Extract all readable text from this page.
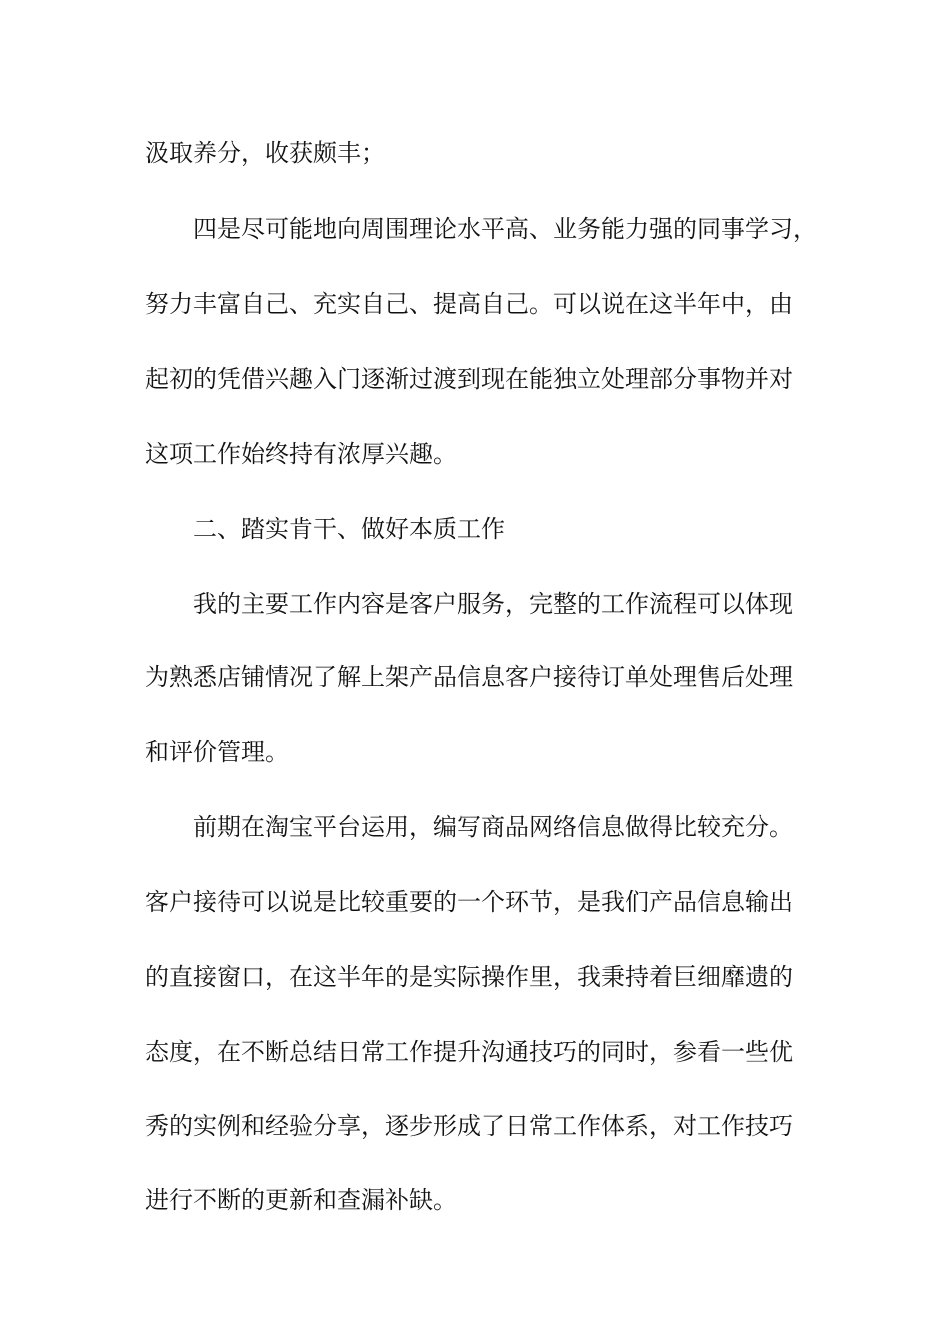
汲取养分，收获颇丰；

四是尽可能地向周围理论水平高、业务能力强的同事学习，

努力丰富自己、充实自己、提高自己。可以说在这半年中，由

起初的凭借兴趣入门逐渐过渡到现在能独立处理部分事物并对

这项工作始终持有浓厚兴趣。

二、踏实肯干、做好本质工作

我的主要工作内容是客户服务，完整的工作流程可以体现

为熟悉店铺情况了解上架产品信息客户接待订单处理售后处理

和评价管理。

前期在淘宝平台运用，编写商品网络信息做得比较充分。

客户接待可以说是比较重要的一个环节，是我们产品信息输出

的直接窗口，在这半年的是实际操作里，我秉持着巨细靡遗的

态度，在不断总结日常工作提升沟通技巧的同时，参看一些优

秀的实例和经验分享，逐步形成了日常工作体系，对工作技巧

进行不断的更新和查漏补缺。
